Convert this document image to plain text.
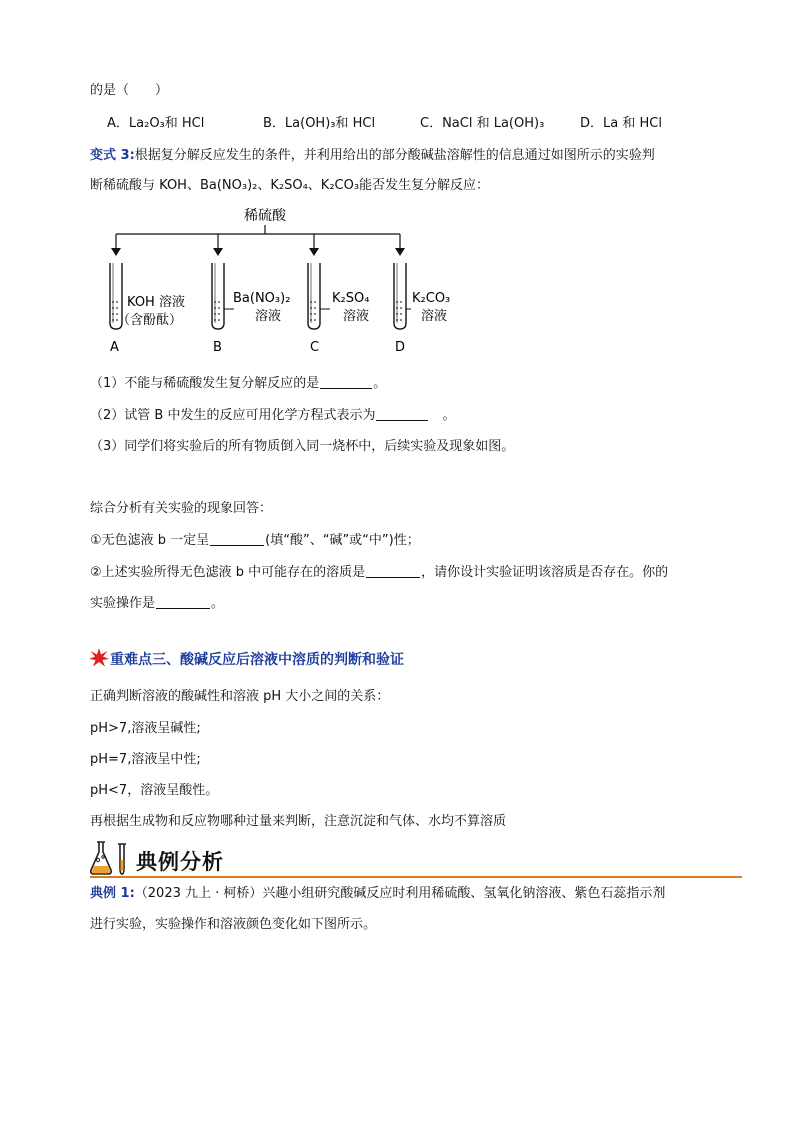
的是（　　）
A．La₂O₃和 HCl	B．La(OH)₃和 HCl	C．NaCl 和 La(OH)₃	D．La 和 HCl
变式 3:根据复分解反应发生的条件，并利用给出的部分酸碱盐溶解性的信息通过如图所示的实验判
断稀硫酸与 KOH、Ba(NO₃)₂、K₂SO₄、K₂CO₃能否发生复分解反应：
稀硫酸
KOH 溶液
（含酚酞）
A
Ba(NO₃)₂
溶液
B
K₂SO₄
溶液
C
K₂CO₃
溶液
D
（1）不能与稀硫酸发生复分解反应的是	。
（2）试管 B 中发生的反应可用化学方程式表示为	　。
（3）同学们将实验后的所有物质倒入同一烧杯中，后续实验及现象如图。
综合分析有关实验的现象回答：
①无色滤液 b 一定呈	(填“酸”、“碱”或“中”)性；
②上述实验所得无色滤液 b 中可能存在的溶质是	，请你设计实验证明该溶质是否存在。你的
实验操作是	。
重难点三、酸碱反应后溶液中溶质的判断和验证
正确判断溶液的酸碱性和溶液 pH 大小之间的关系：
pH>7,溶液呈碱性;
pH=7,溶液呈中性;
pH<7，溶液呈酸性。
再根据生成物和反应物哪种过量来判断，注意沉淀和气体、水均不算溶质
典例分析
典例 1:（2023 九上 · 柯桥）兴趣小组研究酸碱反应时利用稀硫酸、氢氧化钠溶液、紫色石蕊指示剂
进行实验，实验操作和溶液颜色变化如下图所示。
